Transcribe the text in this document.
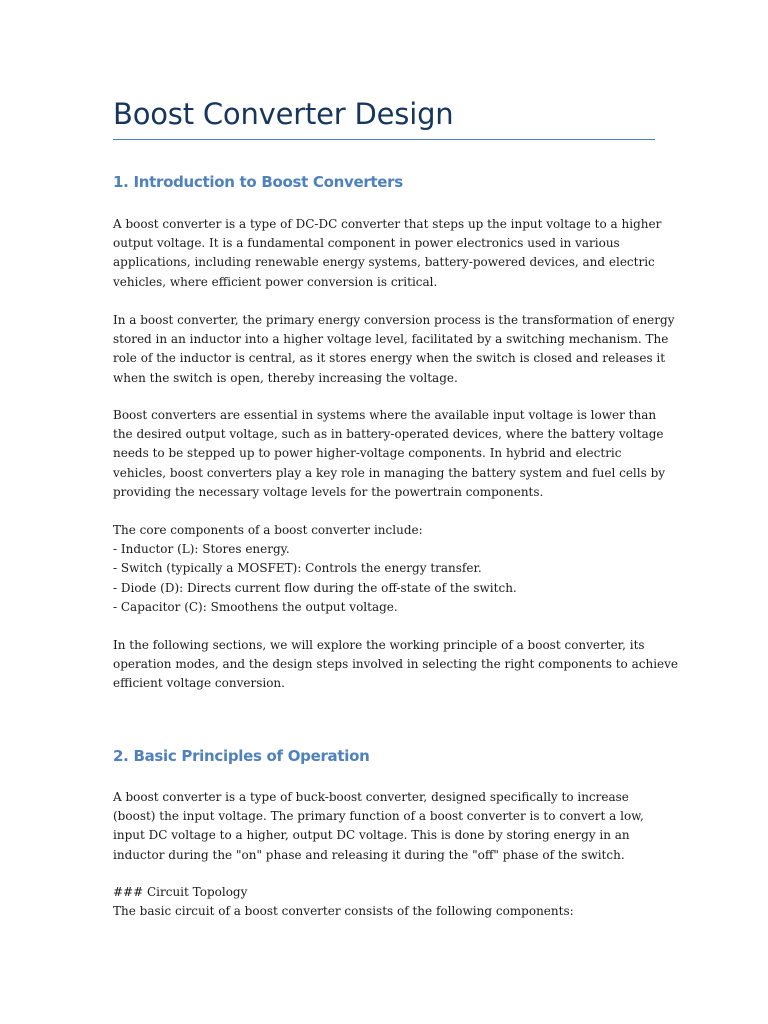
Boost Converter Design
1. Introduction to Boost Converters

A boost converter is a type of DC-DC converter that steps up the input voltage to a higher
output voltage. It is a fundamental component in power electronics used in various
applications, including renewable energy systems, battery-powered devices, and electric
vehicles, where efficient power conversion is critical.

In a boost converter, the primary energy conversion process is the transformation of energy
stored in an inductor into a higher voltage level, facilitated by a switching mechanism. The
role of the inductor is central, as it stores energy when the switch is closed and releases it
when the switch is open, thereby increasing the voltage.

Boost converters are essential in systems where the available input voltage is lower than
the desired output voltage, such as in battery-operated devices, where the battery voltage
needs to be stepped up to power higher-voltage components. In hybrid and electric
vehicles, boost converters play a key role in managing the battery system and fuel cells by
providing the necessary voltage levels for the powertrain components.

The core components of a boost converter include:
- Inductor (L): Stores energy.
- Switch (typically a MOSFET): Controls the energy transfer.
- Diode (D): Directs current flow during the off-state of the switch.
- Capacitor (C): Smoothens the output voltage.

In the following sections, we will explore the working principle of a boost converter, its
operation modes, and the design steps involved in selecting the right components to achieve
efficient voltage conversion.

2. Basic Principles of Operation

A boost converter is a type of buck-boost converter, designed specifically to increase
(boost) the input voltage. The primary function of a boost converter is to convert a low,
input DC voltage to a higher, output DC voltage. This is done by storing energy in an
inductor during the "on" phase and releasing it during the "off" phase of the switch.

### Circuit Topology
The basic circuit of a boost converter consists of the following components:
